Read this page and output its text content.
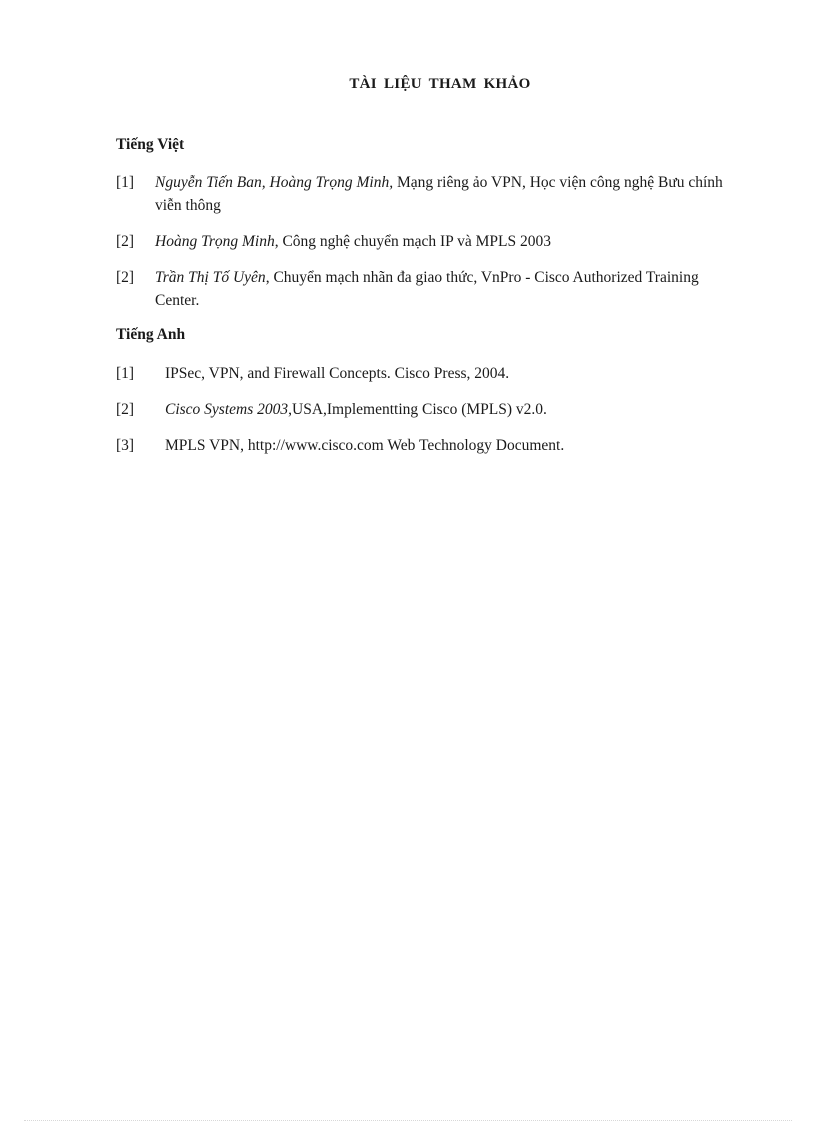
TÀI LIỆU THAM KHẢO
Tiếng Việt
[1] Nguyễn Tiến Ban, Hoàng Trọng Minh, Mạng riêng ảo VPN, Học viện công nghệ Bưu chính viễn thông
[2] Hoàng Trọng Minh, Công nghệ chuyển mạch IP và MPLS 2003
[2] Trần Thị Tố Uyên, Chuyển mạch nhãn đa giao thức, VnPro - Cisco Authorized Training Center.
Tiếng Anh
[1] IPSec, VPN, and Firewall Concepts. Cisco Press, 2004.
[2] Cisco Systems 2003,USA,Implementting Cisco (MPLS) v2.0.
[3] MPLS VPN, http://www.cisco.com Web Technology Document.
